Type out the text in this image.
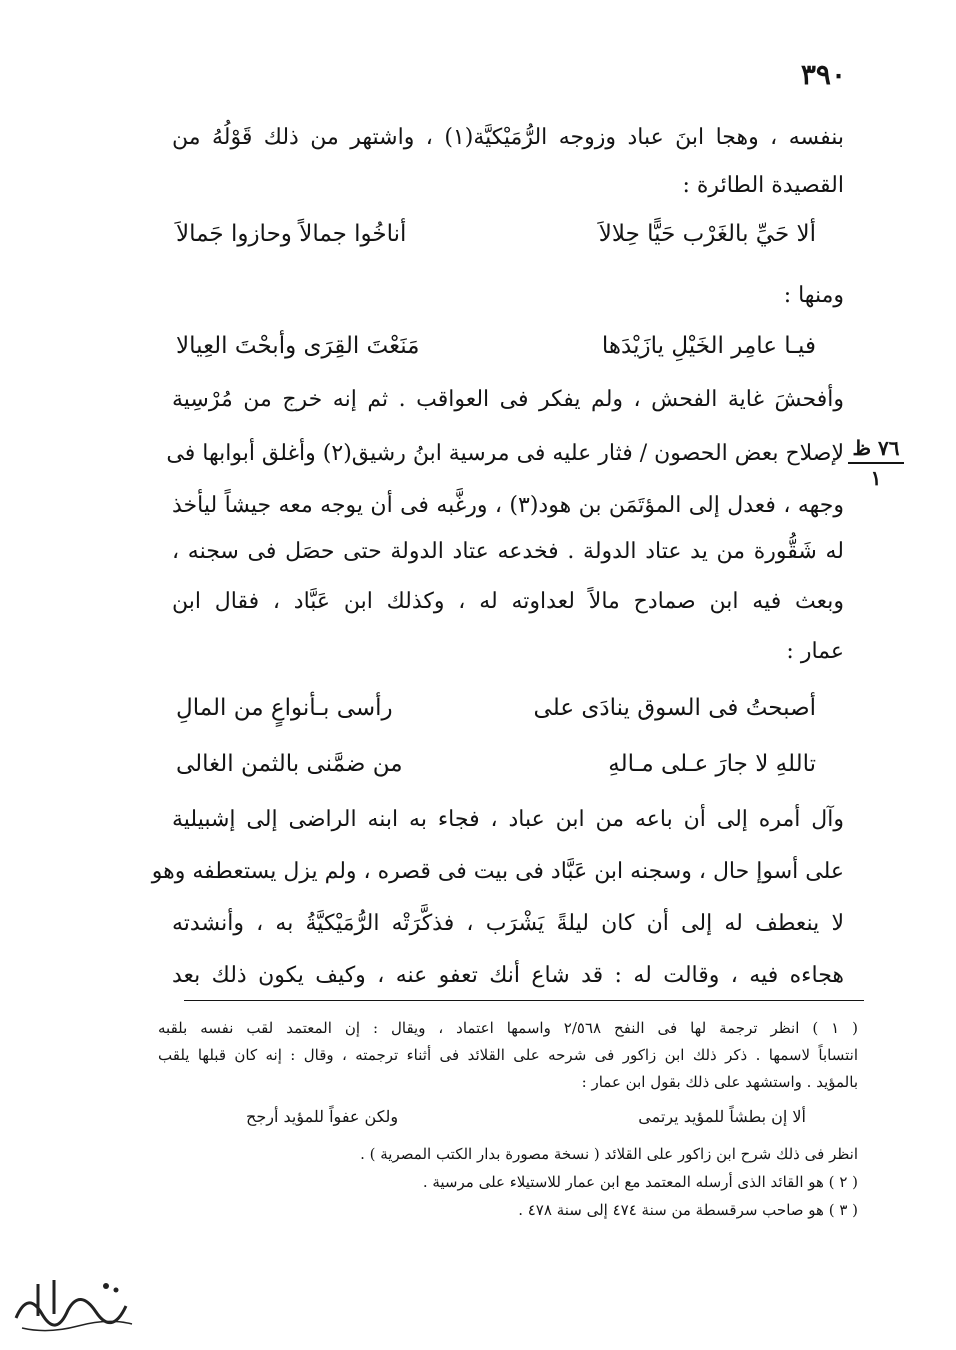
٣٩٠
بنفسه ، وهجا ابنَ عباد وزوجه الرُّمَيْكيَّة(١) ، واشتهر من ذلك قَوْلُهُ من
القصيدة الطائرة :
ألا حَيِّ بالغَرْب حَيًّا حِلالاَ
أناخُوا جمالاً وحازوا جَمالاَ
ومنها :
فيـا عامِر الخَيْلِ يازَيْدَها
مَنَعْتَ القِرَى وأبحْتَ العِيالا
وأفحشَ غاية الفحش ، ولم يفكر فى العواقب . ثم إنه خرج من مُرْسِية
لإصلاح بعض الحصون / فثار عليه فى مرسية ابنُ رشيق(٢) وأغلق أبوابها فى
وجهه ، فعدل إلى المؤتَمَن بن هود(٣) ، ورغَّبه فى أن يوجه معه جيشاً ليأخذ
له شَقُّورة من يد عتاد الدولة . فخدعه عتاد الدولة حتى حصَل فى سجنه ،
وبعث فيه ابن صمادح مالاً لعداوته له ، وكذلك ابن عَبَّاد ، فقال ابن
عمار :
أصبحتُ فى السوق ينادَى على
رأسى بـأنواعٍ من المالِ
تاللهِ لا جارَ عـلى مـالهِ
من ضمَّنى بالثمن الغالى
وآل أمره إلى أن باعه من ابن عباد ، فجاء به ابنه الراضى إلى إشبيلية
على أسوإ حال ، وسجنه ابن عَبَّاد فى بيت فى قصره ، ولم يزل يستعطفه وهو
لا ينعطف له إلى أن كان ليلةً يَشْرَب ، فذكَّرَتْه الرُّمَيْكيَّةُ به ، وأنشدته
هجاءه فيه ، وقالت له : قد شاع أنك تعفو عنه ، وكيف يكون ذلك بعد
٧٦ ظ
١
( ١ ) انظر ترجمة لها فى النفح ٢/٥٦٨ واسمها اعتماد ، ويقال : إن المعتمد لقب نفسه بلقبه
انتساباً لاسمها . ذكر ذلك ابن زاكور فى شرحه على القلائد فى أثناء ترجمته ، وقال : إنه كان قبلها يلقب
بالمؤيد . واستشهد على ذلك بقول ابن عمار :
ألا إن بطشاً للمؤيد يرتمى
ولكن عفواً للمؤيد أرجح
انظر فى ذلك شرح ابن زاكور على القلائد ( نسخة مصورة بدار الكتب المصرية ) .
( ٢ ) هو القائد الذى أرسله المعتمد مع ابن عمار للاستيلاء على مرسية .
( ٣ ) هو صاحب سرقسطة من سنة ٤٧٤ إلى سنة ٤٧٨ .
